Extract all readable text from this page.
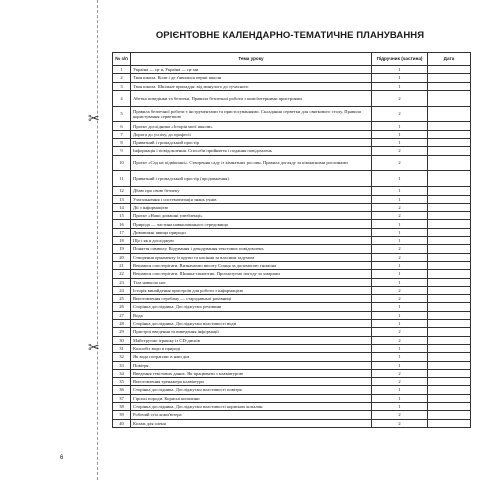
✂
✂
ОРІЄНТОВНЕ КАЛЕНДАРНО-ТЕМАТИЧНЕ ПЛАНУВАННЯ
№ з/п	Тема уроку	Підручник (частина)	Дата
1	Україна — це я, Україна — це ми	1	
2	Твоя школа. Коли і де з'явилися перші школи	1	
3	Твоя школа. Шкільне приладдя: від минулого до сучасного	1	
4	Абетка поведінки та безпеки. Правила безпечної роботи з комп'ютерними пристроями	2	
5	Правила безпечної роботи з інструментами та пристосуваннями. Складання серветки для святкового столу. Правила користування серветкою	2	
6	Проєкт дослідника «Історія моєї школи»	1	
7	Дорога до успіху, до професії	1	
8	Приватний і громадський простір	1	
9	Інформація і повідомлення. Способи прийняття і подання повідомлень	2	
10	Проєкт «Сад на підвіконні». Створення саду із кімнатних рослин. Правила догляду за кімнатними рослинами	2	
11	Приватний і громадський простір (продовження)	1	
12	Дбаю про свою безпеку	1	
13	Узагальнення і систематизація знань учнів	1	
14	Дії з інформацією	2	
15	Проєкт «Наші домашні улюбленці»	2	
16	Природа — частина навколишнього середовища	1	
17	Дивовижні явища природи	1	
18	Що і як я досліджую	1	
19	Поняття символу. Кодування і декодування текстових повідомлень	2	
20	Створення орнаменту із крупи та насіння за власним задумом	2	
21	Вешаюся спостерігати. Визначаємо висоту Сонця за допомогою гномона	1	
22	Вешаюся спостерігати. Шишка-синоптик. Прогнозуємо погоду за хмарами	1	
23	Тіла навколо нас	1	
24	Історія винайдення пристроїв для роботи з інформацією	2	
25	Виготовлення серобану — стародавньої рахівниці	2	
26	Сторінка дослідника. Досліджуємо речовини	1	
27	Вода	1	
28	Сторінка дослідника. Досліджуємо властивості води	1	
29	Пристрої введення та виведення інформації	2	
30	Майструємо іграшку із CD-дисків	2	
31	Колообіг води в природі	1	
32	Як вода потрапляє в наш дім	1	
33	Повітря	1	
34	Введення текстових даних. Як працювати з клавіатурою	2	
35	Виготовлення тренажера клавіатури	2	
36	Сторінка дослідника. Досліджуємо властивості повітря	1	
37	Гірські породи. Корисні копалини	1	
38	Сторінка дослідника. Досліджуємо властивості корисних копалин	1	
39	Робочий стіл комп'ютера	2	
40	Колаж для оленя	2	
6
